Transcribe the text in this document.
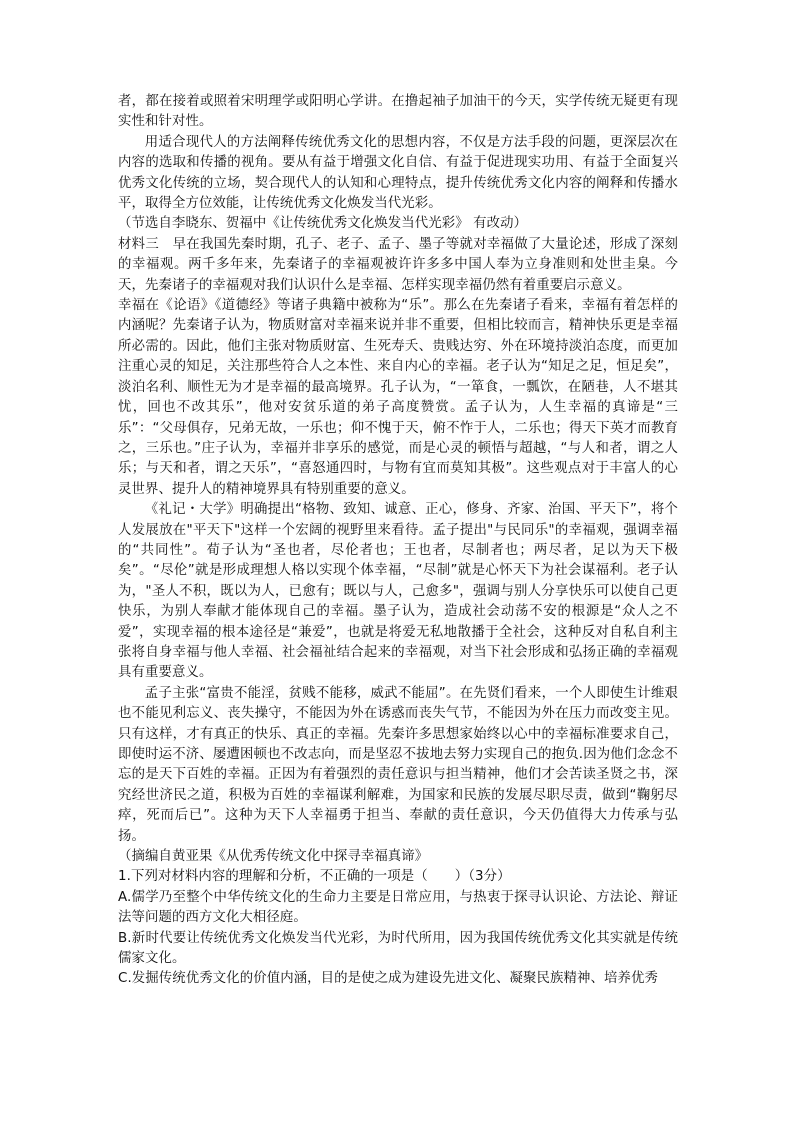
者，都在接着或照着宋明理学或阳明心学讲。在撸起袖子加油干的今天，实学传统无疑更有现实性和针对性。

用适合现代人的方法阐释传统优秀文化的思想内容，不仅是方法手段的问题，更深层次在内容的选取和传播的视角。要从有益于增强文化自信、有益于促进现实功用、有益于全面复兴优秀文化传统的立场，契合现代人的认知和心理特点，提升传统优秀文化内容的阐释和传播水平，取得全方位效能，让传统优秀文化焕发当代光彩。

（节选自李晓东、贺福中《让传统优秀文化焕发当代光彩》 有改动）

材料三　早在我国先秦时期，孔子、老子、孟子、墨子等就对幸福做了大量论述，形成了深刻的幸福观。两千多年来，先秦诸子的幸福观被许许多多中国人奉为立身准则和处世圭臬。今天，先秦诸子的幸福观对我们认识什么是幸福、怎样实现幸福仍然有着重要启示意义。

幸福在《论语》《道德经》等诸子典籍中被称为“乐”。那么在先秦诸子看来，幸福有着怎样的内涵呢？先秦诸子认为，物质财富对幸福来说并非不重要，但相比较而言，精神快乐更是幸福所必需的。因此，他们主张对物质财富、生死寿夭、贵贱达穷、外在环境持淡泊态度，而更加注重心灵的知足，关注那些符合人之本性、来自内心的幸福。老子认为“知足之足，恒足矣”，淡泊名利、顺性无为才是幸福的最高境界。孔子认为，“一箪食，一瓢饮，在陋巷，人不堪其忧，回也不改其乐”，他对安贫乐道的弟子高度赞赏。孟子认为，人生幸福的真谛是“三乐”：“父母俱存，兄弟无故，一乐也；仰不愧于天，俯不怍于人，二乐也；得天下英才而教育之，三乐也。”庄子认为，幸福并非享乐的感觉，而是心灵的顿悟与超越，“与人和者，谓之人乐；与天和者，谓之天乐”，“喜怒通四时，与物有宜而莫知其极”。这些观点对于丰富人的心灵世界、提升人的精神境界具有特别重要的意义。

《礼记・大学》明确提出“格物、致知、诚意、正心，修身、齐家、治国、平天下”，将个人发展放在"平天下"这样一个宏阔的视野里来看待。孟子提出"与民同乐"的幸福观，强调幸福的“共同性”。荀子认为“圣也者，尽伦者也；王也者，尽制者也；两尽者，足以为天下极矣”。“尽伦”就是形成理想人格以实现个体幸福，“尽制”就是心怀天下为社会谋福利。老子认为，"圣人不积，既以为人，已愈有；既以与人，己愈多"，强调与别人分享快乐可以使自己更快乐，为别人奉献才能体现自己的幸福。墨子认为，造成社会动荡不安的根源是“众人之不爱”，实现幸福的根本途径是“兼爱”，也就是将爱无私地散播于全社会，这种反对自私自利主张将自身幸福与他人幸福、社会福祉结合起来的幸福观，对当下社会形成和弘扬正确的幸福观具有重要意义。

孟子主张“富贵不能淫，贫贱不能移，威武不能屈”。在先贤们看来，一个人即使生计维艰也不能见利忘义、丧失操守，不能因为外在诱惑而丧失气节，不能因为外在压力而改变主见。只有这样，才有真正的快乐、真正的幸福。先秦许多思想家始终以心中的幸福标准要求自己，即使时运不济、屡遭困顿也不改志向，而是坚忍不拔地去努力实现自己的抱负.因为他们念念不忘的是天下百姓的幸福。正因为有着强烈的责任意识与担当精神，他们才会苦读圣贤之书，深究经世济民之道，积极为百姓的幸福谋利解难，为国家和民族的发展尽职尽责，做到“鞠躬尽瘁，死而后已”。这种为天下人幸福勇于担当、奉献的责任意识，今天仍值得大力传承与弘扬。

（摘编自黄亚果《从优秀传统文化中探寻幸福真谛》

1.下列对材料内容的理解和分析，不正确的一项是（　　）（3分）

A.儒学乃至整个中华传统文化的生命力主要是日常应用，与热衷于探寻认识论、方法论、辩证法等问题的西方文化大相径庭。

B.新时代要让传统优秀文化焕发当代光彩，为时代所用，因为我国传统优秀文化其实就是传统儒家文化。

C.发掘传统优秀文化的价值内涵，目的是使之成为建设先进文化、凝聚民族精神、培养优秀
